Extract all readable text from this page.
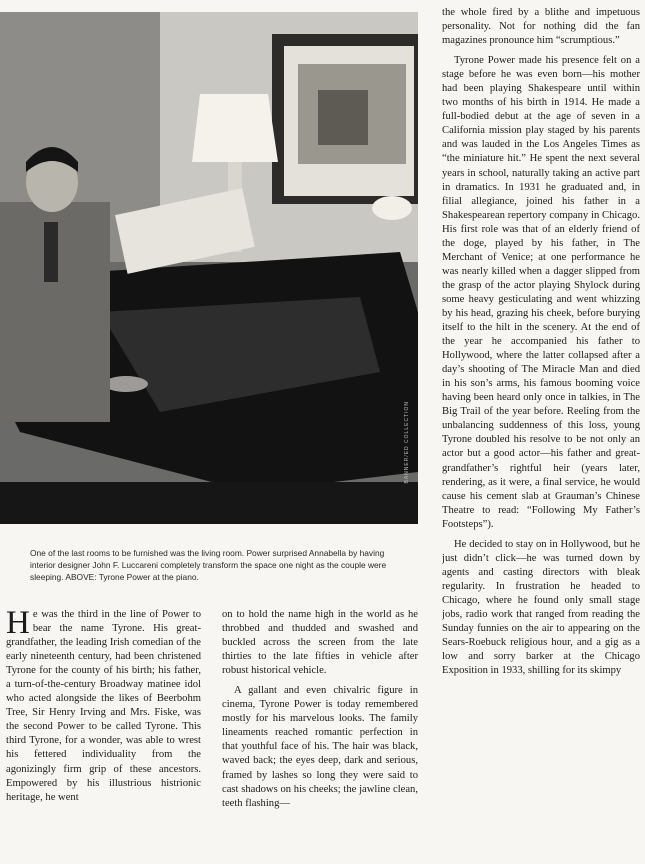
BANNER/ED COLLECTION

One of the last rooms to be furnished was the living room. Power surprised Annabella by having interior designer John F. Luccareni completely transform the space one night as the couple were sleeping. ABOVE: Tyrone Power at the piano.

He was the third in the line of Power to bear the name Tyrone. His great-grandfather, the leading Irish comedian of the early nineteenth century, had been christened Tyrone for the county of his birth; his father, a turn-of-the-century Broadway matinee idol who acted alongside the likes of Beerbohm Tree, Sir Henry Irving and Mrs. Fiske, was the second Power to be called Tyrone. This third Tyrone, for a wonder, was able to wrest his fettered individuality from the agonizingly firm grip of these ancestors. Empowered by his illustrious histrionic heritage, he went

on to hold the name high in the world as he throbbed and thudded and swashed and buckled across the screen from the late thirties to the late fifties in vehicle after robust historical vehicle.

A gallant and even chivalric figure in cinema, Tyrone Power is today remembered mostly for his marvelous looks. The family lineaments reached romantic perfection in that youthful face of his. The hair was black, waved back; the eyes deep, dark and serious, framed by lashes so long they were said to cast shadows on his cheeks; the jawline clean, teeth flashing—

the whole fired by a blithe and impetuous personality. Not for nothing did the fan magazines pronounce him “scrumptious.”

Tyrone Power made his presence felt on a stage before he was even born—his mother had been playing Shakespeare until within two months of his birth in 1914. He made a full-bodied debut at the age of seven in a California mission play staged by his parents and was lauded in the Los Angeles Times as “the miniature hit.” He spent the next several years in school, naturally taking an active part in dramatics. In 1931 he graduated and, in filial allegiance, joined his father in a Shakespearean repertory company in Chicago. His first role was that of an elderly friend of the doge, played by his father, in The Merchant of Venice; at one performance he was nearly killed when a dagger slipped from the grasp of the actor playing Shylock during some heavy gesticulating and went whizzing by his head, grazing his cheek, before burying itself to the hilt in the scenery. At the end of the year he accompanied his father to Hollywood, where the latter collapsed after a day’s shooting of The Miracle Man and died in his son’s arms, his famous booming voice having been heard only once in talkies, in The Big Trail of the year before. Reeling from the unbalancing suddenness of this loss, young Tyrone doubled his resolve to be not only an actor but a good actor—his father and great-grandfather’s rightful heir (years later, rendering, as it were, a final service, he would cause his cement slab at Grauman’s Chinese Theatre to read: “Following My Father’s Footsteps”).

He decided to stay on in Hollywood, but he just didn’t click—he was turned down by agents and casting directors with bleak regularity. In frustration he headed to Chicago, where he found only small stage jobs, radio work that ranged from reading the Sunday funnies on the air to appearing on the Sears-Roebuck religious hour, and a gig as a low and sorry barker at the Chicago Exposition in 1933, shilling for its skimpy
